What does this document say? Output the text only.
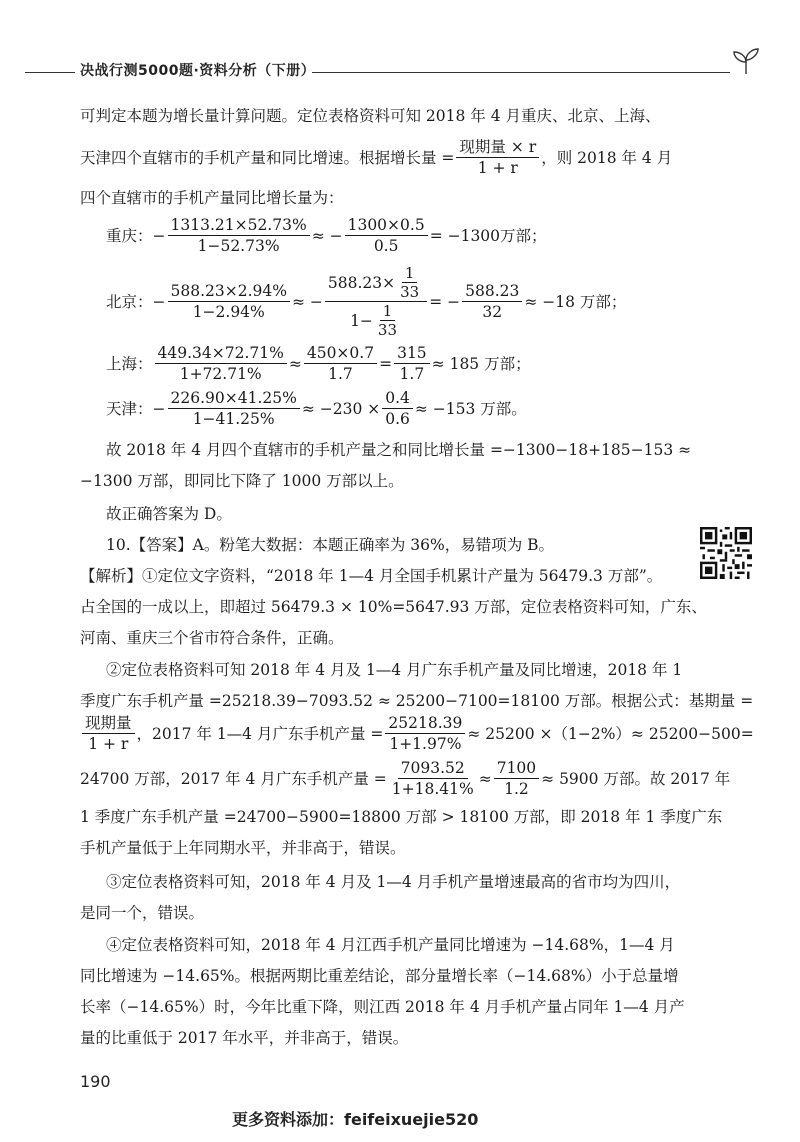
决战行测5000题·资料分析（下册）
可判定本题为增长量计算问题。定位表格资料可知 2018 年 4 月重庆、北京、上海、
天津四个直辖市的手机产量和同比增速。根据增长量 = $\frac{\text{现期量 × r}}{1 + r}$ ，则 2018 年 4 月
四个直辖市的手机产量同比增长量为：
重庆：− $\frac{1313.21\times 52.73\%}{1-52.73\%}$ ≈ − $\frac{1300\times 0.5}{0.5} = -1300$万部；
北京：− $\frac{588.23\times 2.94\%}{1-2.94\%}$ ≈ − $\frac{588.23\times \frac{1}{33}}{1- \frac{1}{33}}$ = − $\frac{588.23}{32} \approx -18$ 万部；
上海： $\frac{449.34\times 72.71\%}{1+72.71\%} \approx \frac{450\times 0.7}{1.7} = \frac{315}{1.7} \approx 185$ 万部；
天津：− $\frac{226.90\times 41.25\%}{1-41.25\%} \approx -230 \times \frac{0.4}{0.6} \approx -153$ 万部。
故 2018 年 4 月四个直辖市的手机产量之和同比增长量 =−1300−18+185−153 ≈
−1300 万部，即同比下降了 1000 万部以上。
故正确答案为 D。
10.【答案】A。粉笔大数据：本题正确率为 36%，易错项为 B。
【解析】①定位文字资料，“2018 年 1—4 月全国手机累计产量为 56479.3 万部”。
占全国的一成以上，即超过 56479.3 × 10%=5647.93 万部，定位表格资料可知，广东、
河南、重庆三个省市符合条件，正确。
②定位表格资料可知 2018 年 4 月及 1—4 月广东手机产量及同比增速，2018 年 1
季度广东手机产量 =25218.39−7093.52 ≈ 25200−7100=18100 万部。根据公式：基期量 =
$\frac{\text{现期量}}{1 + r}$ ，2017 年 1—4 月广东手机产量 = $\frac{25218.39}{1+1.97\%} \approx 25200 \times(1-2\%)\approx 25200-500=$
24700 万部，2017 年 4 月广东手机产量 = $\frac{7093.52}{1+18.41\%} \approx \frac{7100}{1.2} \approx 5900$ 万部。故 2017 年
1 季度广东手机产量 =24700−5900=18800 万部 > 18100 万部，即 2018 年 1 季度广东
手机产量低于上年同期水平，并非高于，错误。
③定位表格资料可知，2018 年 4 月及 1—4 月手机产量增速最高的省市均为四川，
是同一个，错误。
④定位表格资料可知，2018 年 4 月江西手机产量同比增速为 −14.68%，1—4 月
同比增速为 −14.65%。根据两期比重差结论，部分量增长率（−14.68%）小于总量增
长率（−14.65%）时，今年比重下降，则江西 2018 年 4 月手机产量占同年 1—4 月产
量的比重低于 2017 年水平，并非高于，错误。
190
更多资料添加：feifeixuejie520
